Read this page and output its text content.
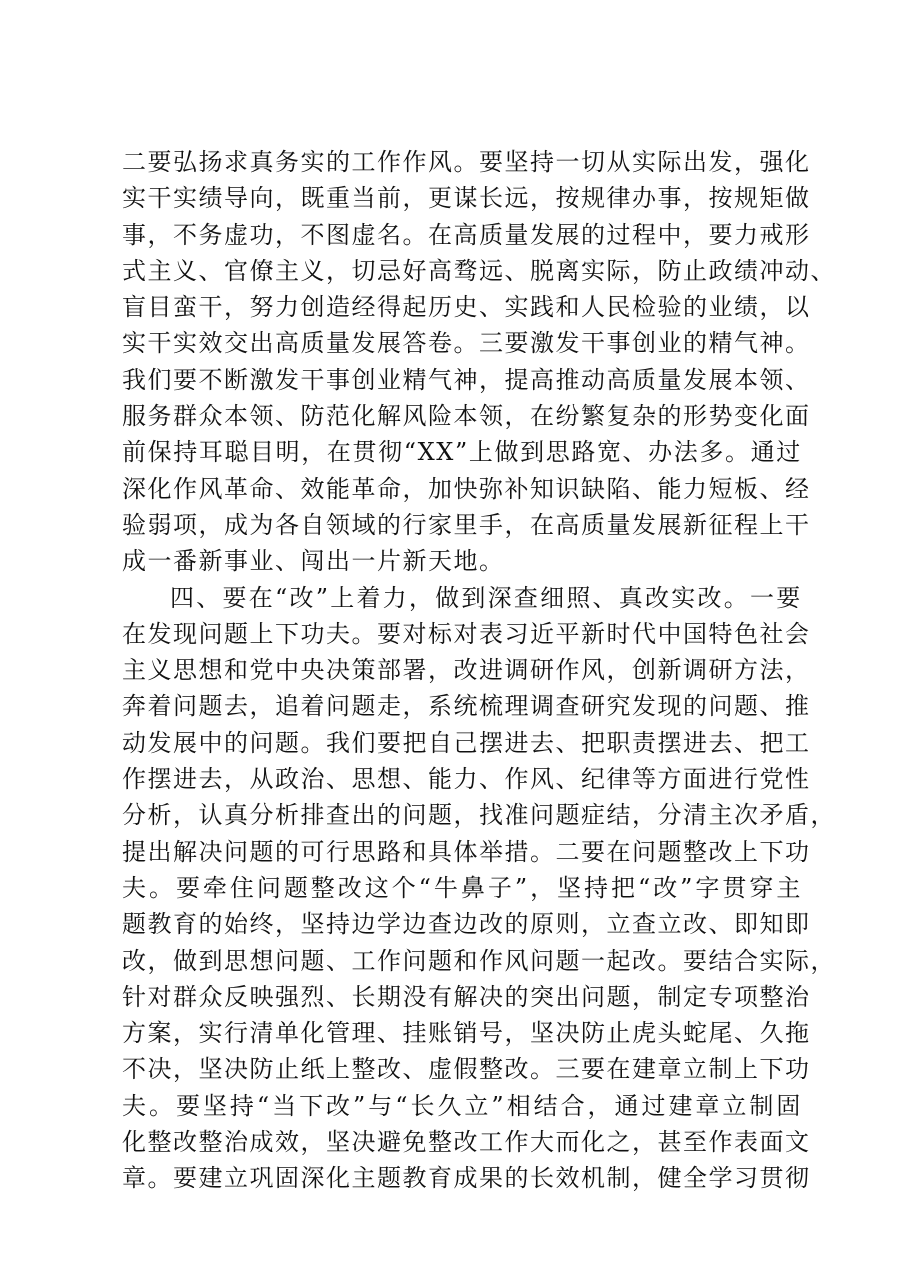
二 要 弘 扬 求 真 务 实 的 工 作 作 风 。 要 坚 持 一 切 从 实 际 出 发 ， 强 化
实 干 实 绩 导 向 ， 既 重 当 前 ， 更 谋 长 远 ， 按 规 律 办 事 ， 按 规 矩 做
事 ， 不 务 虚 功 ， 不 图 虚 名 。 在 高 质 量 发 展 的 过 程 中 ， 要 力 戒 形
式 主 义 、 官 僚 主 义 ， 切 忌 好 高 骛 远 、 脱 离 实 际 ， 防 止 政 绩 冲 动 、
盲 目 蛮 干 ， 努 力 创 造 经 得 起 历 史 、 实 践 和 人 民 检 验 的 业 绩 ， 以
实 干 实 效 交 出 高 质 量 发 展 答 卷 。 三 要 激 发 干 事 创 业 的 精 气 神 。
我 们 要 不 断 激 发 干 事 创 业 精 气 神 ， 提 高 推 动 高 质 量 发 展 本 领 、
服 务 群 众 本 领 、 防 范 化 解 风 险 本 领 ， 在 纷 繁 复 杂 的 形 势 变 化 面
前 保 持 耳 聪 目 明 ， 在 贯 彻 “ X X ” 上 做 到 思 路 宽 、 办 法 多 。 通 过
深 化 作 风 革 命 、 效 能 革 命 ， 加 快 弥 补 知 识 缺 陷 、 能 力 短 板 、 经
验 弱 项 ， 成 为 各 自 领 域 的 行 家 里 手 ， 在 高 质 量 发 展 新 征 程 上 干
成一番新事业、闯出一片新天地。
四 、 要 在 “ 改 ” 上 着 力 ， 做 到 深 查 细 照 、 真 改 实 改 。 一 要
在 发 现 问 题 上 下 功 夫 。 要 对 标 对 表 习 近 平 新 时 代 中 国 特 色 社 会
主 义 思 想 和 党 中 央 决 策 部 署 ， 改 进 调 研 作 风 ， 创 新 调 研 方 法 ，
奔 着 问 题 去 ， 追 着 问 题 走 ， 系 统 梳 理 调 查 研 究 发 现 的 问 题 、 推
动 发 展 中 的 问 题 。 我 们 要 把 自 己 摆 进 去 、 把 职 责 摆 进 去 、 把 工
作 摆 进 去 ， 从 政 治 、 思 想 、 能 力 、 作 风 、 纪 律 等 方 面 进 行 党 性
分 析 ， 认 真 分 析 排 查 出 的 问 题 ， 找 准 问 题 症 结 ， 分 清 主 次 矛 盾 ，
提 出 解 决 问 题 的 可 行 思 路 和 具 体 举 措 。 二 要 在 问 题 整 改 上 下 功
夫 。 要 牵 住 问 题 整 改 这 个 “ 牛 鼻 子 ” ， 坚 持 把 “ 改 ” 字 贯 穿 主
题 教 育 的 始 终 ， 坚 持 边 学 边 查 边 改 的 原 则 ， 立 查 立 改 、 即 知 即
改 ， 做 到 思 想 问 题 、 工 作 问 题 和 作 风 问 题 一 起 改 。 要 结 合 实 际 ，
针 对 群 众 反 映 强 烈 、 长 期 没 有 解 决 的 突 出 问 题 ， 制 定 专 项 整 治
方 案 ， 实 行 清 单 化 管 理 、 挂 账 销 号 ， 坚 决 防 止 虎 头 蛇 尾 、 久 拖
不 决 ， 坚 决 防 止 纸 上 整 改 、 虚 假 整 改 。 三 要 在 建 章 立 制 上 下 功
夫 。 要 坚 持 “ 当 下 改 ” 与 “ 长 久 立 ” 相 结 合 ， 通 过 建 章 立 制 固
化 整 改 整 治 成 效 ， 坚 决 避 免 整 改 工 作 大 而 化 之 ， 甚 至 作 表 面 文
章 。 要 建 立 巩 固 深 化 主 题 教 育 成 果 的 长 效 机 制 ， 健 全 学 习 贯 彻
